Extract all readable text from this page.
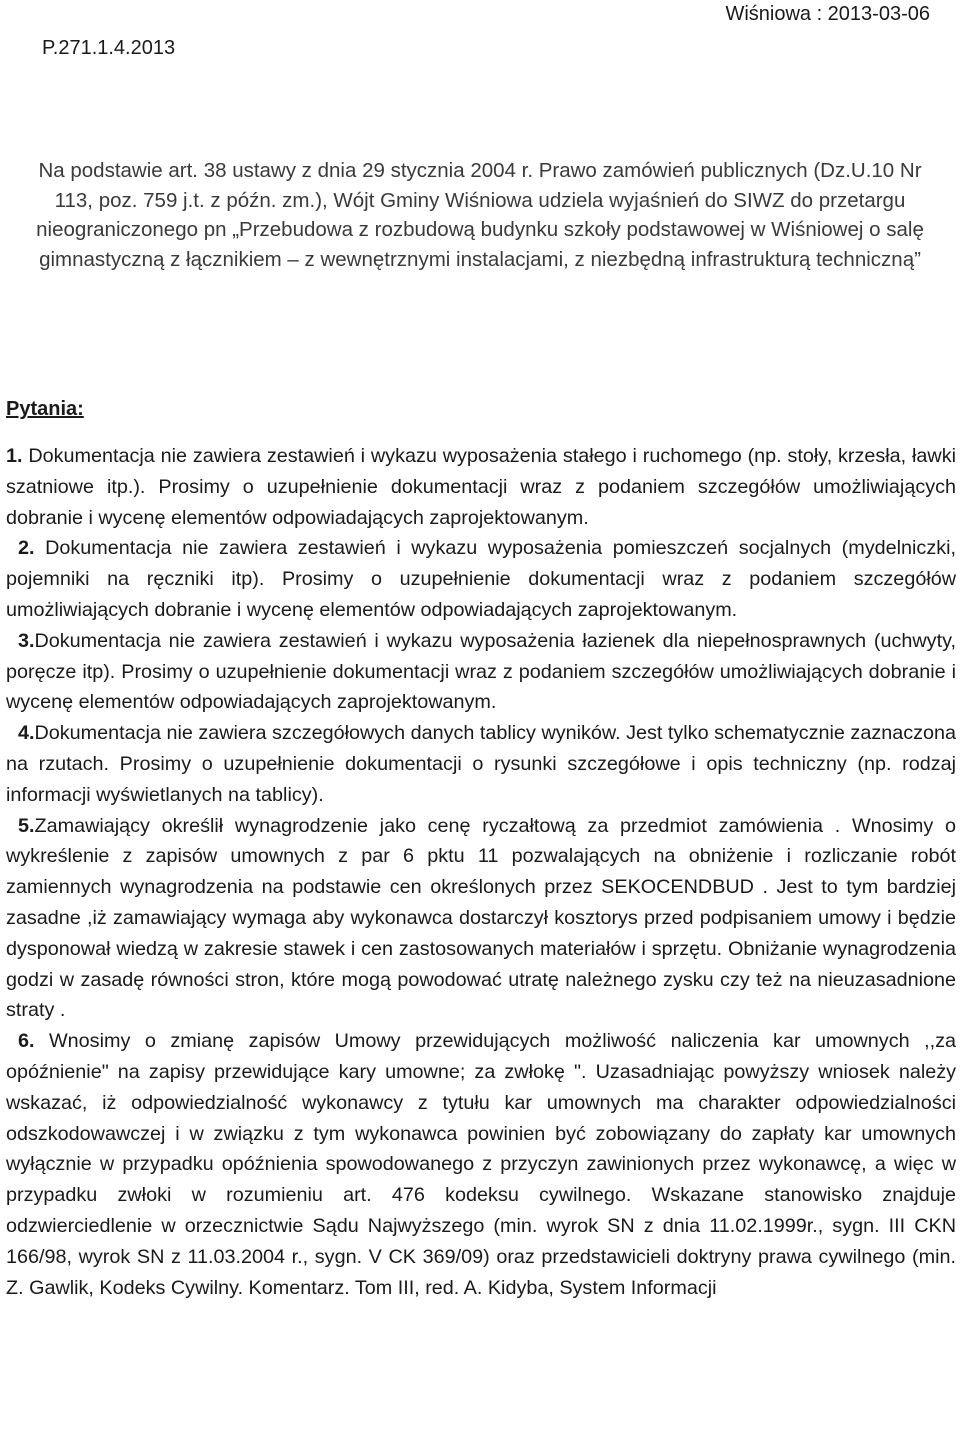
Wiśniowa : 2013-03-06
P.271.1.4.2013
Na podstawie art. 38 ustawy z dnia 29 stycznia 2004 r. Prawo zamówień publicznych (Dz.U.10 Nr 113, poz. 759 j.t. z późn. zm.), Wójt Gminy Wiśniowa udziela wyjaśnień do SIWZ do przetargu nieograniczonego pn „Przebudowa z rozbudową budynku szkoły podstawowej w Wiśniowej o salę gimnastyczną z łącznikiem – z wewnętrznymi instalacjami, z niezbędną infrastrukturą techniczną”
Pytania:

1. Dokumentacja nie zawiera zestawień i wykazu wyposażenia stałego i ruchomego (np. stoły, krzesła, ławki szatniowe itp.). Prosimy o uzupełnienie dokumentacji wraz z podaniem szczegółów umożliwiających dobranie i wycenę elementów odpowiadających zaprojektowanym.

2. Dokumentacja nie zawiera zestawień i wykazu wyposażenia pomieszczeń socjalnych (mydelniczki, pojemniki na ręczniki itp). Prosimy o uzupełnienie dokumentacji wraz z podaniem szczegółów umożliwiających dobranie i wycenę elementów odpowiadających zaprojektowanym.

3.Dokumentacja nie zawiera zestawień i wykazu wyposażenia łazienek dla niepełnosprawnych (uchwyty, poręcze itp). Prosimy o uzupełnienie dokumentacji wraz z podaniem szczegółów umożliwiających dobranie i wycenę elementów odpowiadających zaprojektowanym.

4.Dokumentacja nie zawiera szczegółowych danych tablicy wyników. Jest tylko schematycznie zaznaczona na rzutach. Prosimy o uzupełnienie dokumentacji o rysunki szczegółowe i opis techniczny (np. rodzaj informacji wyświetlanych na tablicy).

5.Zamawiający określił wynagrodzenie jako cenę ryczałtową za przedmiot zamówienia . Wnosimy o wykreślenie z zapisów umownych z par 6 pktu 11 pozwalających na obniżenie i rozliczanie robót zamiennych wynagrodzenia na podstawie cen określonych przez SEKOCENDBUD . Jest to tym bardziej zasadne ,iż zamawiający wymaga aby wykonawca dostarczył kosztorys przed podpisaniem umowy i będzie dysponował wiedzą w zakresie stawek i cen zastosowanych materiałów i sprzętu. Obniżanie wynagrodzenia godzi w zasadę równości stron, które mogą powodować utratę należnego zysku czy też na nieuzasadnione straty .

6. Wnosimy o zmianę zapisów Umowy przewidujących możliwość naliczenia kar umownych ,,za opóźnienie" na zapisy przewidujące kary umowne; za zwłokę ". Uzasadniając powyższy wniosek należy wskazać, iż odpowiedzialność wykonawcy z tytułu kar umownych ma charakter odpowiedzialności odszkodowawczej i w związku z tym wykonawca powinien być zobowiązany do zapłaty kar umownych wyłącznie w przypadku opóźnienia spowodowanego z przyczyn zawinionych przez wykonawcę, a więc w przypadku zwłoki w rozumieniu art. 476 kodeksu cywilnego. Wskazane stanowisko znajduje odzwierciedlenie w orzecznictwie Sądu Najwyższego (min. wyrok SN z dnia 11.02.1999r., sygn. III CKN 166/98, wyrok SN z 11.03.2004 r., sygn. V CK 369/09) oraz przedstawicieli doktryny prawa cywilnego (min. Z. Gawlik, Kodeks Cywilny. Komentarz. Tom III, red. A. Kidyba, System Informacji
